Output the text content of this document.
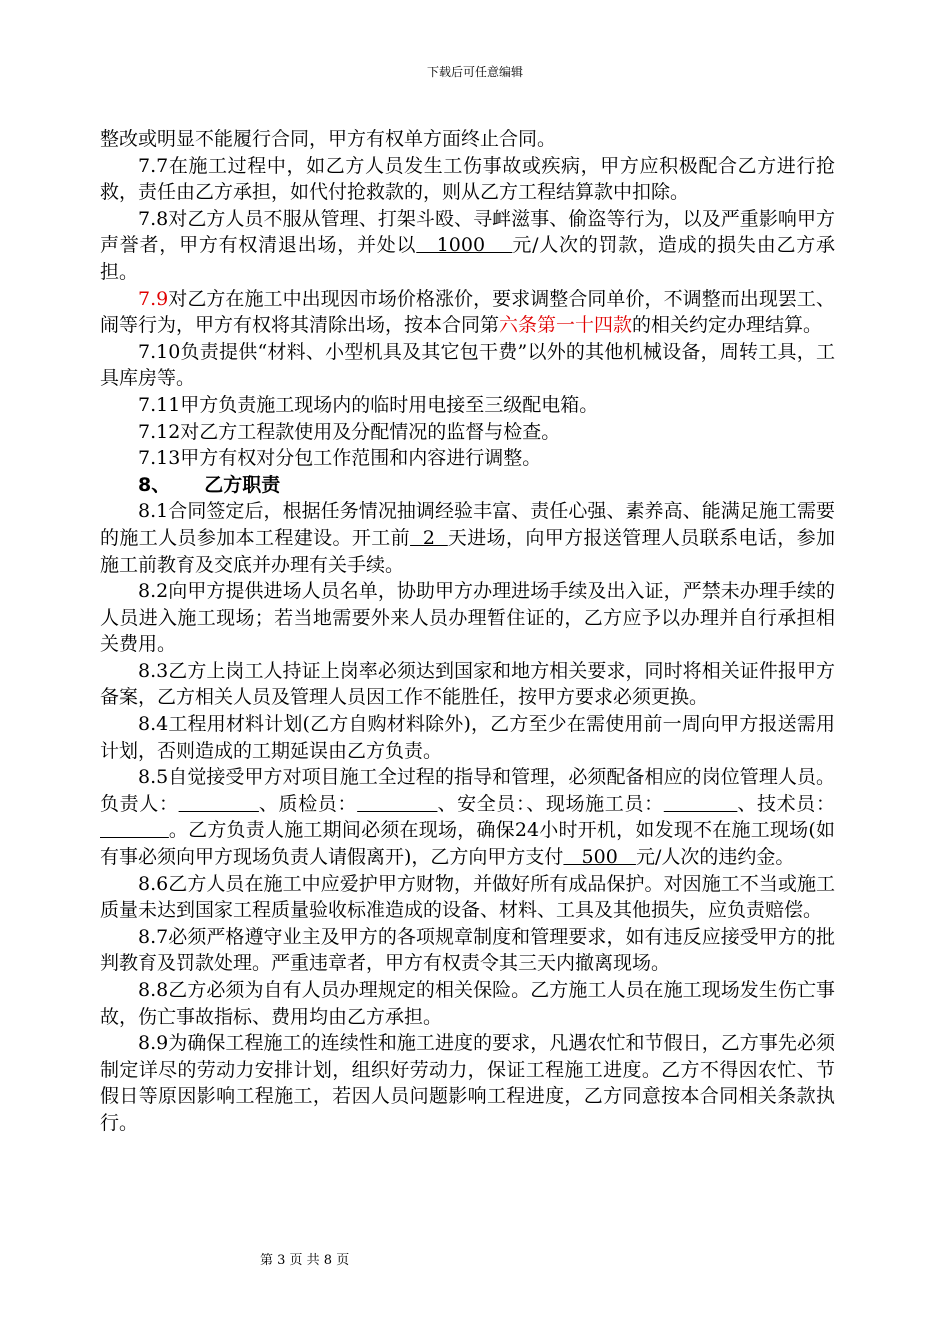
下载后可任意编辑

整改或明显不能履行合同，甲方有权单方面终止合同。

7.7在施工过程中，如乙方人员发生工伤事故或疾病，甲方应积极配合乙方进行抢救，责任由乙方承担，如代付抢救款的，则从乙方工程结算款中扣除。

7.8对乙方人员不服从管理、打架斗殴、寻衅滋事、偷盗等行为，以及严重影响甲方声誉者，甲方有权清退出场，并处以   1000    元/人次的罚款，造成的损失由乙方承担。

7.9对乙方在施工中出现因市场价格涨价，要求调整合同单价，不调整而出现罢工、闹等行为，甲方有权将其清除出场，按本合同第六条第一十四款的相关约定办理结算。

7.10负责提供“材料、小型机具及其它包干费”以外的其他机械设备，周转工具，工具库房等。

7.11甲方负责施工现场内的临时用电接至三级配电箱。

7.12对乙方工程款使用及分配情况的监督与检查。

7.13甲方有权对分包工作范围和内容进行调整。

8、 乙方职责

8.1合同签定后，根据任务情况抽调经验丰富、责任心强、素养高、能满足施工需要的施工人员参加本工程建设。开工前  2  天进场，向甲方报送管理人员联系电话，参加施工前教育及交底并办理有关手续。

8.2向甲方提供进场人员名单，协助甲方办理进场手续及出入证，严禁未办理手续的人员进入施工现场；若当地需要外来人员办理暂住证的，乙方应予以办理并自行承担相关费用。

8.3乙方上岗工人持证上岗率必须达到国家和地方相关要求，同时将相关证件报甲方备案，乙方相关人员及管理人员因工作不能胜任，按甲方要求必须更换。

8.4工程用材料计划(乙方自购材料除外)，乙方至少在需使用前一周向甲方报送需用计划，否则造成的工期延误由乙方负责。

8.5自觉接受甲方对项目施工全过程的指导和管理，必须配备相应的岗位管理人员。负责人：	、质检员：	、安全员：、现场施工员：	、技术员：           。乙方负责人施工期间必须在现场，确保24小时开机，如发现不在施工现场(如有事必须向甲方现场负责人请假离开)，乙方向甲方支付   500   元/人次的违约金。

8.6乙方人员在施工中应爱护甲方财物，并做好所有成品保护。对因施工不当或施工质量未达到国家工程质量验收标准造成的设备、材料、工具及其他损失，应负责赔偿。

8.7必须严格遵守业主及甲方的各项规章制度和管理要求，如有违反应接受甲方的批判教育及罚款处理。严重违章者，甲方有权责令其三天内撤离现场。

8.8乙方必须为自有人员办理规定的相关保险。乙方施工人员在施工现场发生伤亡事故，伤亡事故指标、费用均由乙方承担。

8.9为确保工程施工的连续性和施工进度的要求，凡遇农忙和节假日，乙方事先必须制定详尽的劳动力安排计划，组织好劳动力，保证工程施工进度。乙方不得因农忙、节假日等原因影响工程施工，若因人员问题影响工程进度，乙方同意按本合同相关条款执行。

第 3 页 共 8 页
